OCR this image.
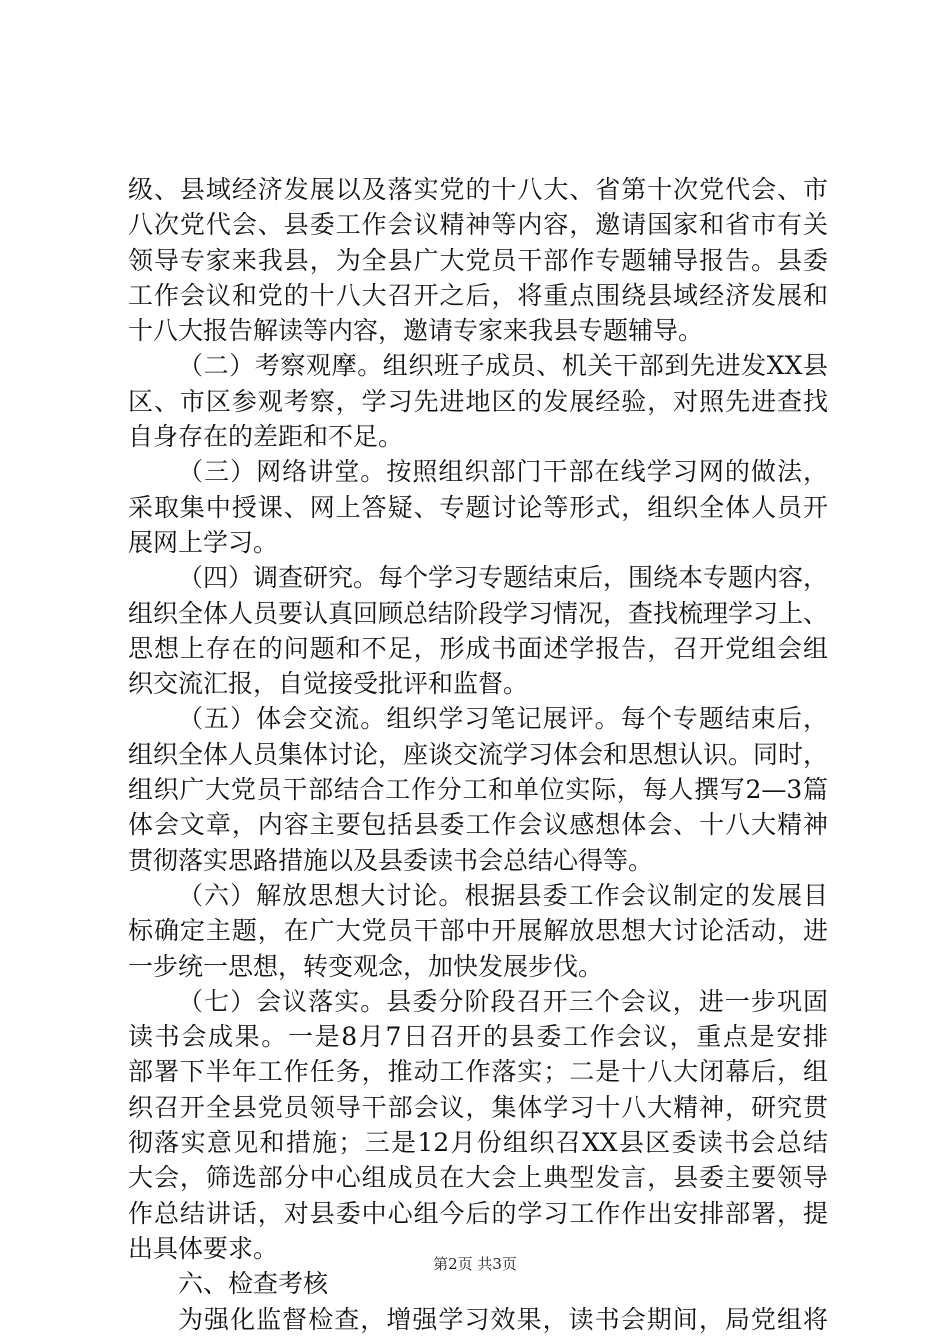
级、县域经济发展以及落实党的十八大、省第十次党代会、市
八次党代会、县委工作会议精神等内容，邀请国家和省市有关
领导专家来我县，为全县广大党员干部作专题辅导报告。县委
工作会议和党的十八大召开之后，将重点围绕县域经济发展和
十八大报告解读等内容，邀请专家来我县专题辅导。
（二）考察观摩。组织班子成员、机关干部到先进发XX县
区、市区参观考察，学习先进地区的发展经验，对照先进查找
自身存在的差距和不足。
（三）网络讲堂。按照组织部门干部在线学习网的做法，
采取集中授课、网上答疑、专题讨论等形式，组织全体人员开
展网上学习。
（四）调查研究。每个学习专题结束后，围绕本专题内容，
组织全体人员要认真回顾总结阶段学习情况，查找梳理学习上、
思想上存在的问题和不足，形成书面述学报告，召开党组会组
织交流汇报，自觉接受批评和监督。
（五）体会交流。组织学习笔记展评。每个专题结束后，
组织全体人员集体讨论，座谈交流学习体会和思想认识。同时，
组织广大党员干部结合工作分工和单位实际，每人撰写2—3篇
体会文章，内容主要包括县委工作会议感想体会、十八大精神
贯彻落实思路措施以及县委读书会总结心得等。
（六）解放思想大讨论。根据县委工作会议制定的发展目
标确定主题，在广大党员干部中开展解放思想大讨论活动，进
一步统一思想，转变观念，加快发展步伐。
（七）会议落实。县委分阶段召开三个会议，进一步巩固
读书会成果。一是8月7日召开的县委工作会议，重点是安排
部署下半年工作任务，推动工作落实；二是十八大闭幕后，组
织召开全县党员领导干部会议，集体学习十八大精神，研究贯
彻落实意见和措施；三是12月份组织召XX县区委读书会总结
大会，筛选部分中心组成员在大会上典型发言，县委主要领导
作总结讲话，对县委中心组今后的学习工作作出安排部署，提
出具体要求。
六、检查考核
为强化监督检查，增强学习效果，读书会期间，局党组将
第2页 共3页
